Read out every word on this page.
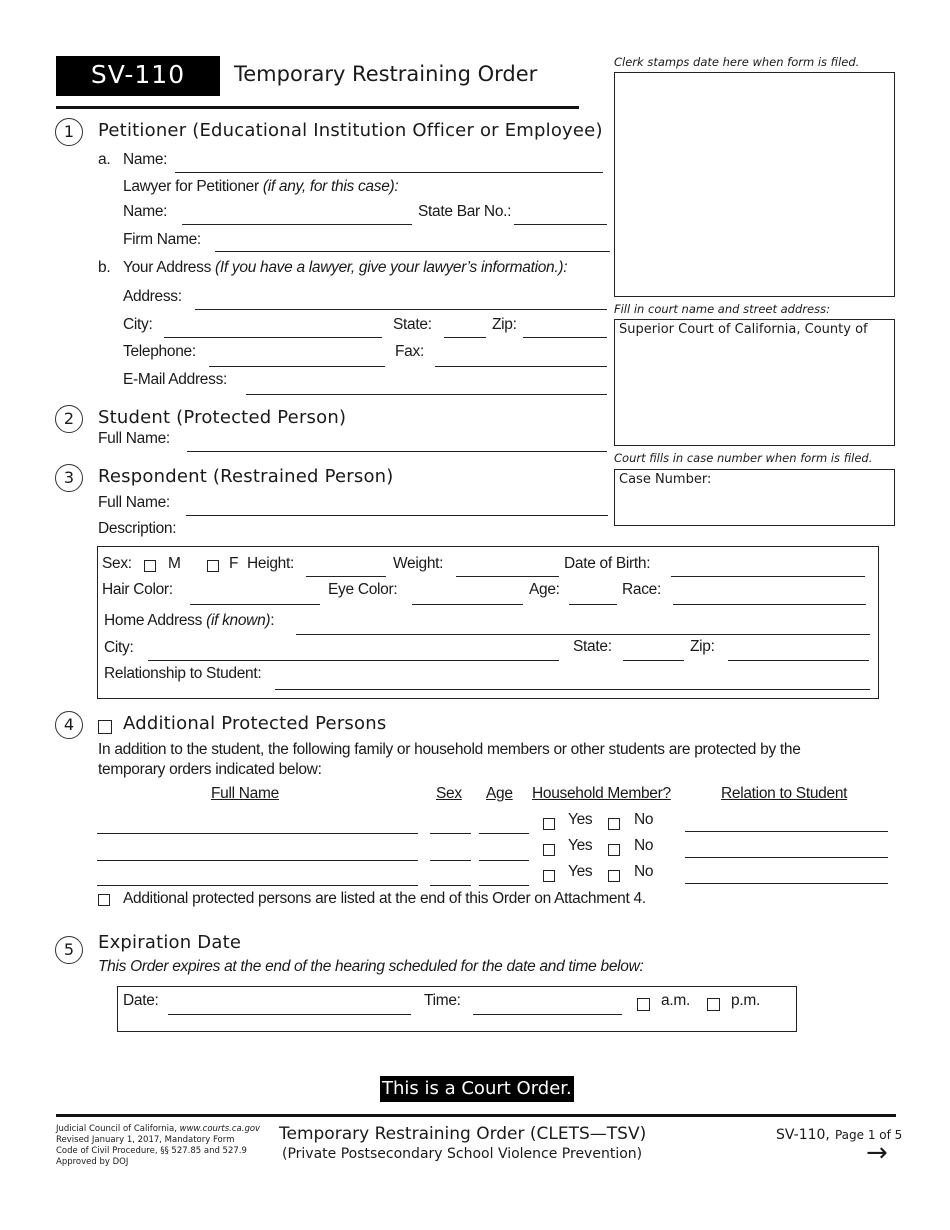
SV-110	Temporary Restraining Order	Clerk stamps date here when form is filed.
Fill in court name and street address:
Superior Court of California, County of
Court fills in case number when form is filed.
Case Number:
1	Petitioner (Educational Institution Officer or Employee)
a. Name:
Lawyer for Petitioner (if any, for this case):
Name:	State Bar No.:
Firm Name:
b. Your Address (If you have a lawyer, give your lawyer’s information.):
Address:
City:	State:	Zip:
Telephone:	Fax:
E-Mail Address:
2	Student (Protected Person)
Full Name:
3	Respondent (Restrained Person)
Full Name:
Description:
Sex: M	F Height:	Weight:	Date of Birth:
Hair Color:	Eye Color:	Age:	Race:
Home Address (if known):
City:	State:	Zip:
Relationship to Student:
4	Additional Protected Persons
In addition to the student, the following family or household members or other students are protected by the
temporary orders indicated below:
Full Name	Sex Age Household Member?	Relation to Student
Yes	No
Yes	No
Yes	No
Additional protected persons are listed at the end of this Order on Attachment 4.
5	Expiration Date
This Order expires at the end of the hearing scheduled for the date and time below:
Date:	Time:	a.m.	p.m.
This is a Court Order.
Judicial Council of California, www.courts.ca.gov
Revised January 1, 2017, Mandatory Form
Code of Civil Procedure, §§ 527.85 and 527.9
Approved by DOJ
Temporary Restraining Order (CLETS—TSV)
(Private Postsecondary School Violence Prevention)
SV-110, Page 1 of 5
→
